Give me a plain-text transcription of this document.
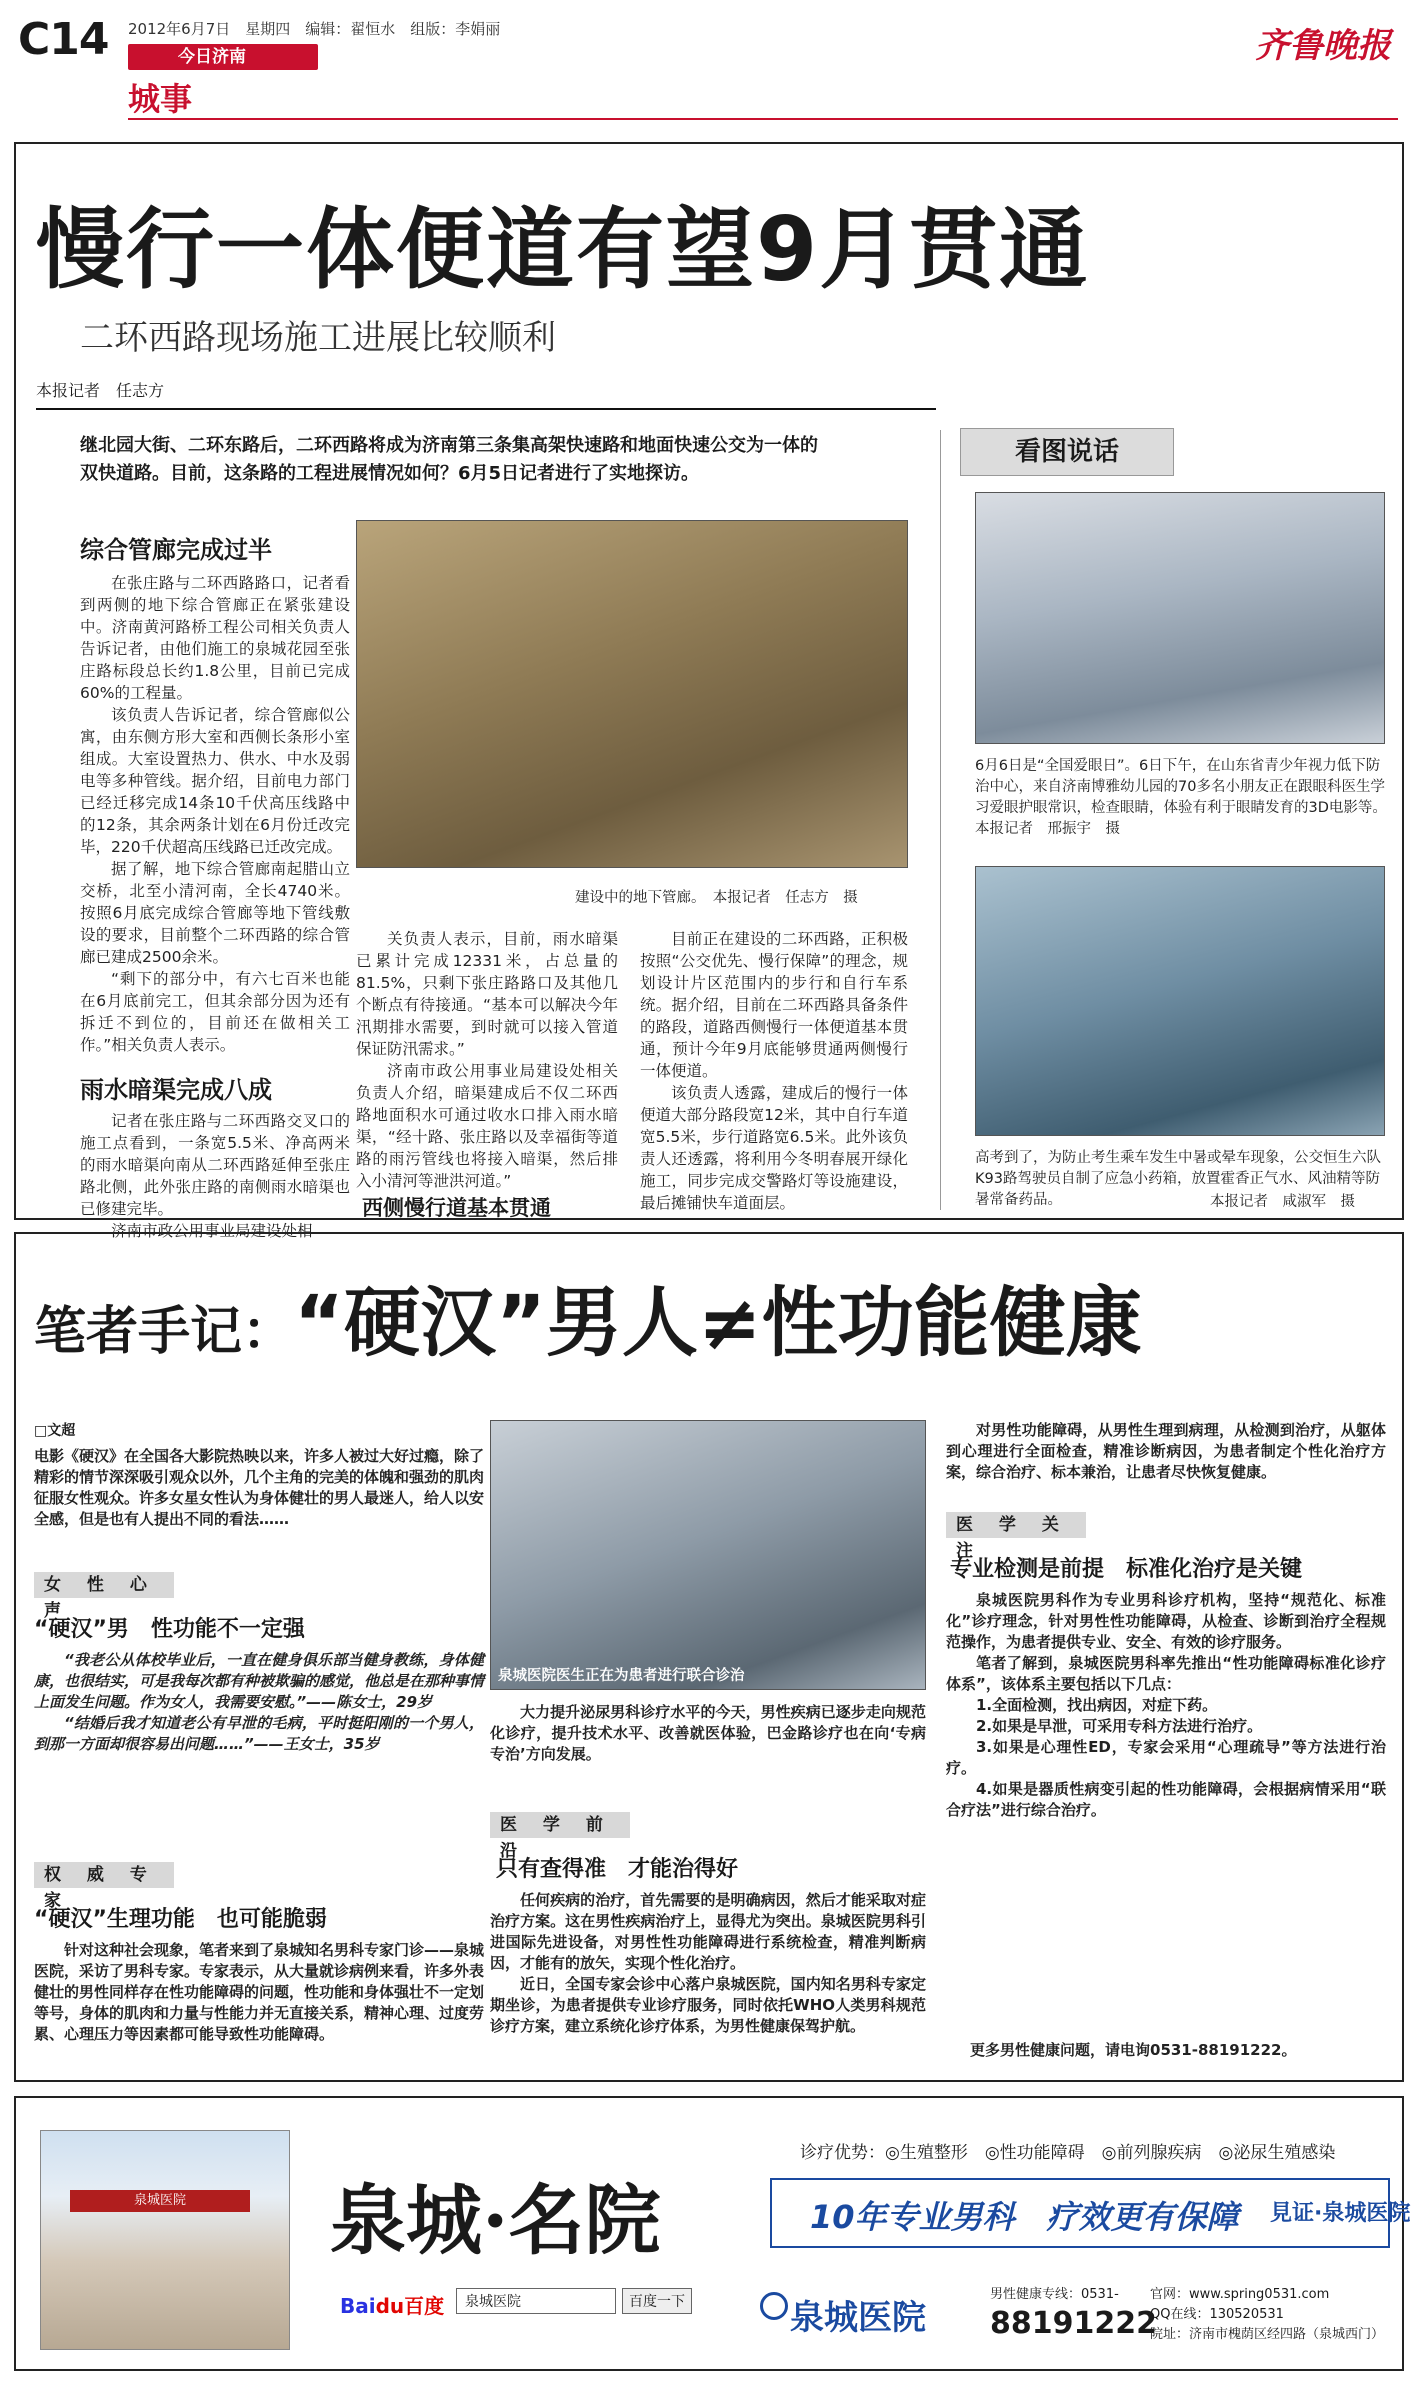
C14 2012年6月7日　星期四　编辑：翟恒水　组版：李娟丽
今日济南
城事
齐鲁晚报
慢行一体便道有望9月贯通
二环西路现场施工进展比较顺利
本报记者　任志方
继北园大街、二环东路后，二环西路将成为济南第三条集高架快速路和地面快速公交为一体的双快道路。目前，这条路的工程进展情况如何？6月5日记者进行了实地探访。
综合管廊完成过半

在张庄路与二环西路路口，记者看到两侧的地下综合管廊正在紧张建设中。济南黄河路桥工程公司相关负责人告诉记者，由他们施工的泉城花园至张庄路标段总长约1.8公里，目前已完成60%的工程量。

该负责人告诉记者，综合管廊似公寓，由东侧方形大室和西侧长条形小室组成。大室设置热力、供水、中水及弱电等多种管线。据介绍，目前电力部门已经迁移完成14条10千伏高压线路中的12条，其余两条计划在6月份迁改完毕，220千伏超高压线路已迁改完成。

据了解，地下综合管廊南起腊山立交桥，北至小清河南，全长4740米。按照6月底完成综合管廊等地下管线敷设的要求，目前整个二环西路的综合管廊已建成2500余米。

“剩下的部分中，有六七百米也能在6月底前完工，但其余部分因为还有拆迁不到位的，目前还在做相关工作。”相关负责人表示。

雨水暗渠完成八成

记者在张庄路与二环西路交叉口的施工点看到，一条宽5.5米、净高两米的雨水暗渠向南从二环西路延伸至张庄路北侧，此外张庄路的南侧雨水暗渠也已修建完毕。

济南市政公用事业局建设处相

建设中的地下管廊。　本报记者　任志方　摄

关负责人表示，目前，雨水暗渠已累计完成12331米，占总量的81.5%，只剩下张庄路路口及其他几个断点有待接通。“基本可以解决今年汛期排水需要，到时就可以接入管道保证防汛需求。”

济南市政公用事业局建设处相关负责人介绍，暗渠建成后不仅二环西路地面积水可通过收水口排入雨水暗渠，“经十路、张庄路以及幸福街等道路的雨污管线也将接入暗渠，然后排入小清河等泄洪河道。”

西侧慢行道基本贯通

目前正在建设的二环西路，正积极按照“公交优先、慢行保障”的理念，规划设计片区范围内的步行和自行车系统。据介绍，目前在二环西路具备条件的路段，道路西侧慢行一体便道基本贯通，预计今年9月底能够贯通两侧慢行一体便道。

该负责人透露，建成后的慢行一体便道大部分路段宽12米，其中自行车道宽5.5米，步行道路宽6.5米。此外该负责人还透露，将利用今冬明春展开绿化施工，同步完成交警路灯等设施建设，最后摊铺快车道面层。

看图说话
6月6日是“全国爱眼日”。6日下午，在山东省青少年视力低下防治中心，来自济南博雅幼儿园的70多名小朋友正在跟眼科医生学习爱眼护眼常识，检查眼睛，体验有利于眼睛发育的3D电影等。　　本报记者　邢振宇　摄
高考到了，为防止考生乘车发生中暑或晕车现象，公交恒生六队K93路驾驶员自制了应急小药箱，放置霍香正气水、风油精等防暑常备药品。	本报记者　咸淑军　摄
笔者手记：“硬汉”男人≠性功能健康
□文超
电影《硬汉》在全国各大影院热映以来，许多人被过大好过瘾，除了精彩的情节深深吸引观众以外，几个主角的完美的体魄和强劲的肌肉征服女性观众。许多女星女性认为身体健壮的男人最迷人，给人以安全感，但是也有人提出不同的看法……
女 性 心 声
“硬汉”男　性功能不一定强

“我老公从体校毕业后，一直在健身俱乐部当健身教练，身体健康，也很结实，可是我每次都有种被欺骗的感觉，他总是在那种事情上面发生问题。作为女人，我需要安慰。”——陈女士，29岁

“结婚后我才知道老公有早泄的毛病，平时挺阳刚的一个男人，到那一方面却很容易出问题……”——王女士，35岁

权 威 专 家
“硬汉”生理功能　也可能脆弱

针对这种社会现象，笔者来到了泉城知名男科专家门诊——泉城医院，采访了男科专家。专家表示，从大量就诊病例来看，许多外表健壮的男性同样存在性功能障碍的问题，性功能和身体强壮不一定划等号，身体的肌肉和力量与性能力并无直接关系，精神心理、过度劳累、心理压力等因素都可能导致性功能障碍。

泉城医院医生正在为患者进行联合诊治

大力提升泌尿男科诊疗水平的今天，男性疾病已逐步走向规范化诊疗，提升技术水平、改善就医体验，巴金路诊疗也在向‘专病专治’方向发展。

医 学 前 沿
只有查得准　才能治得好

任何疾病的治疗，首先需要的是明确病因，然后才能采取对症治疗方案。这在男性疾病治疗上，显得尤为突出。泉城医院男科引进国际先进设备，对男性性功能障碍进行系统检查，精准判断病因，才能有的放矢，实现个性化治疗。

近日，全国专家会诊中心落户泉城医院，国内知名男科专家定期坐诊，为患者提供专业诊疗服务，同时依托WHO人类男科规范诊疗方案，建立系统化诊疗体系，为男性健康保驾护航。

对男性功能障碍，从男性生理到病理，从检测到治疗，从躯体到心理进行全面检查，精准诊断病因，为患者制定个性化治疗方案，综合治疗、标本兼治，让患者尽快恢复健康。

医 学 关 注
专业检测是前提　标准化治疗是关键

泉城医院男科作为专业男科诊疗机构，坚持“规范化、标准化”诊疗理念，针对男性性功能障碍，从检查、诊断到治疗全程规范操作，为患者提供专业、安全、有效的诊疗服务。

笔者了解到，泉城医院男科率先推出“性功能障碍标准化诊疗体系”，该体系主要包括以下几点：

1.全面检测，找出病因，对症下药。

2.如果是早泄，可采用专科方法进行治疗。

3.如果是心理性ED，专家会采用“心理疏导”等方法进行治疗。

4.如果是器质性病变引起的性功能障碍，会根据病情采用“联合疗法”进行综合治疗。

更多男性健康问题，请电询0531-88191222。
泉城医院	泉城·名院
诊疗优势：◎生殖整形　◎性功能障碍　◎前列腺疾病　◎泌尿生殖感染
10年专业男科　疗效更有保障 見证·泉城医院
Baidu百度	泉城医院	百度一下	泉城医院
男性健康专线：0531-
88191222
官网：www.spring0531.com
QQ在线：130520531
院址：济南市槐荫区经四路（泉城西门）
